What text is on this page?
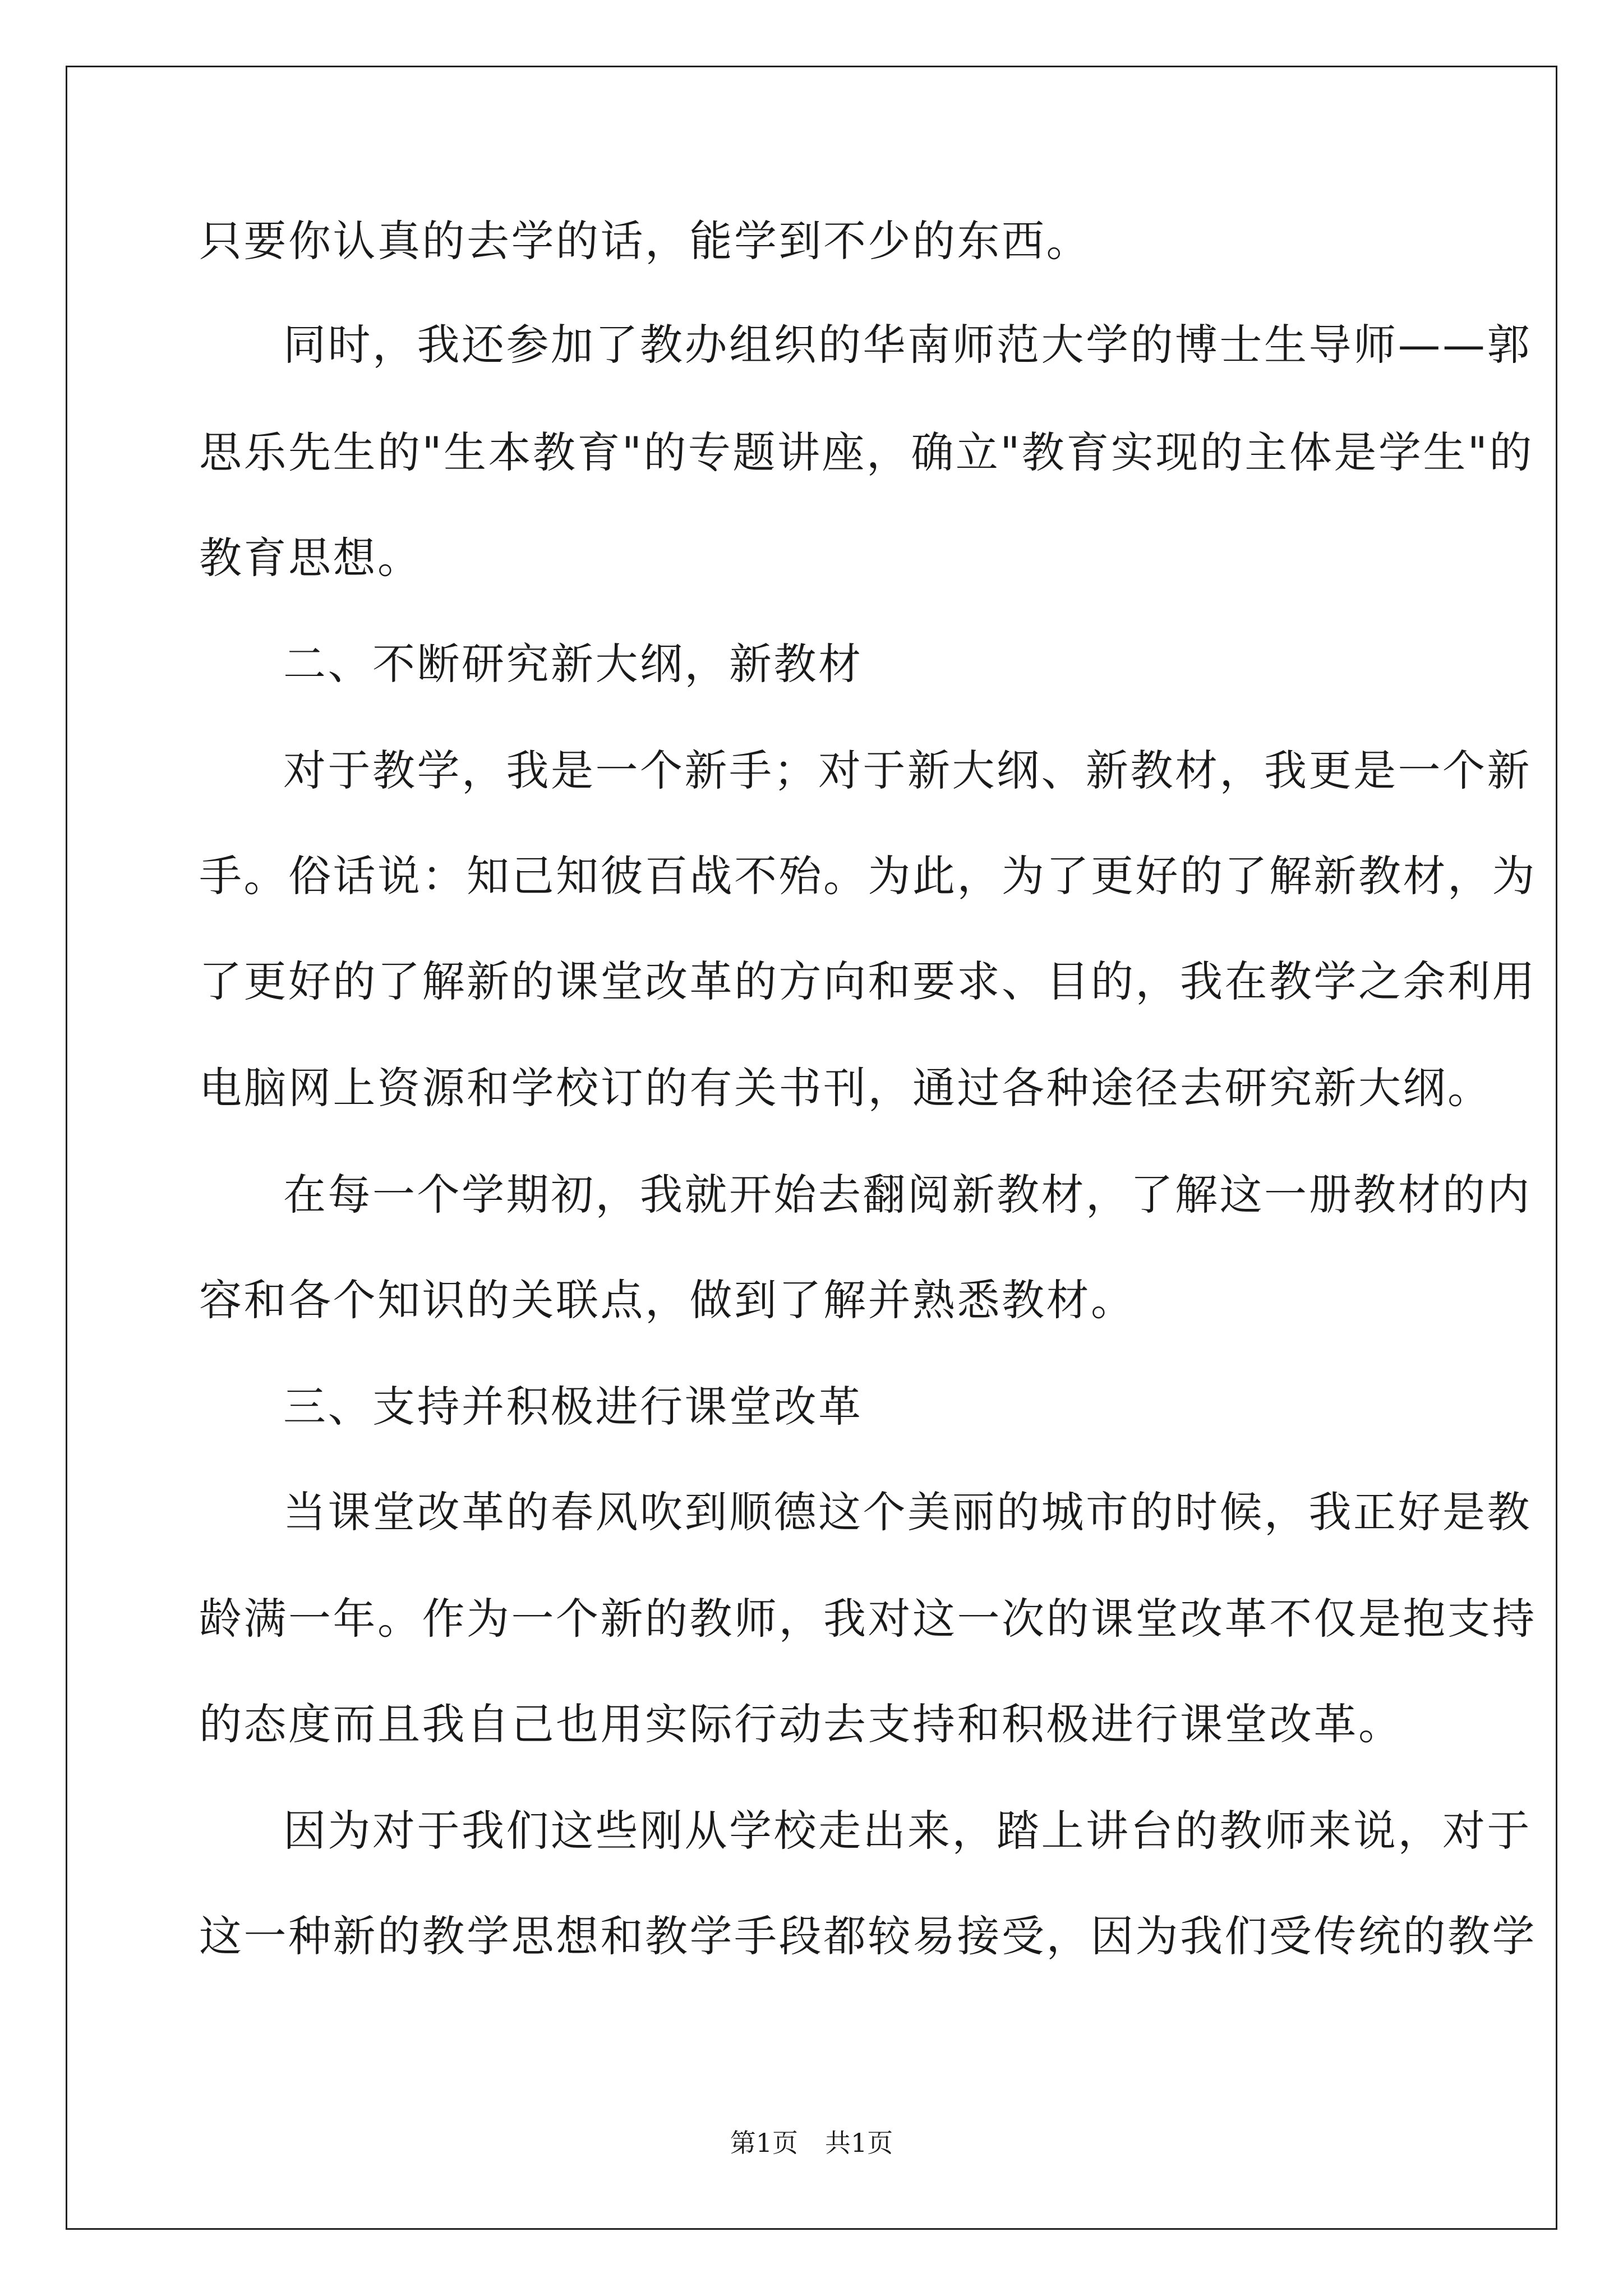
只要你认真的去学的话，能学到不少的东西。
同时，我还参加了教办组织的华南师范大学的博士生导师——郭
思乐先生的"生本教育"的专题讲座，确立"教育实现的主体是学生"的
教育思想。
二、不断研究新大纲，新教材
对于教学，我是一个新手；对于新大纲、新教材，我更是一个新
手。俗话说：知己知彼百战不殆。为此，为了更好的了解新教材，为
了更好的了解新的课堂改革的方向和要求、目的，我在教学之余利用
电脑网上资源和学校订的有关书刊，通过各种途径去研究新大纲。
在每一个学期初，我就开始去翻阅新教材，了解这一册教材的内
容和各个知识的关联点，做到了解并熟悉教材。
三、支持并积极进行课堂改革
当课堂改革的春风吹到顺德这个美丽的城市的时候，我正好是教
龄满一年。作为一个新的教师，我对这一次的课堂改革不仅是抱支持
的态度而且我自己也用实际行动去支持和积极进行课堂改革。
因为对于我们这些刚从学校走出来，踏上讲台的教师来说，对于
这一种新的教学思想和教学手段都较易接受，因为我们受传统的教学
第1页 共1页
